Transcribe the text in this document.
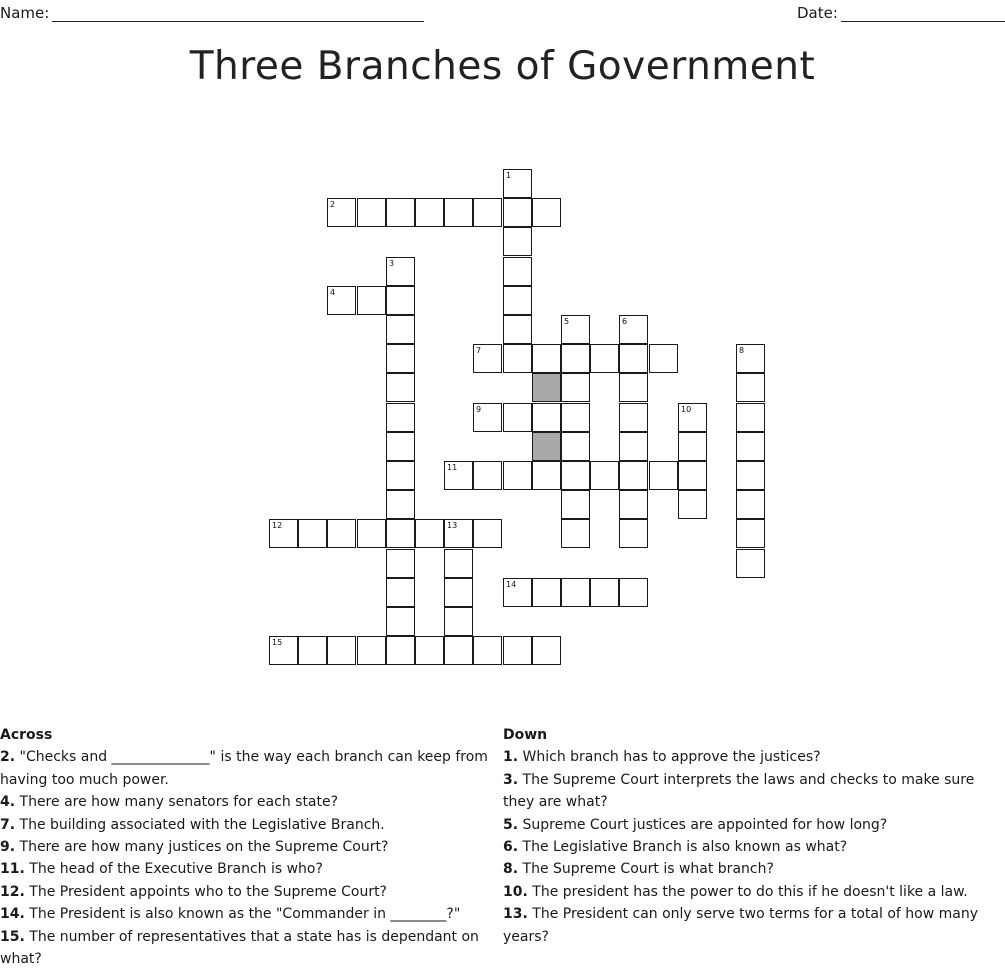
Name:	Date:
Three Branches of Government
1
2
3
4
5	6
7	8
9	10
11
12	13
14
15
Across
2. "Checks and ______________" is the way each branch can keep from having too much power.
4. There are how many senators for each state?
7. The building associated with the Legislative Branch.
9. There are how many justices on the Supreme Court?
11. The head of the Executive Branch is who?
12. The President appoints who to the Supreme Court?
14. The President is also known as the "Commander in ________?"
15. The number of representatives that a state has is dependant on what?
Down
1. Which branch has to approve the justices?
3. The Supreme Court interprets the laws and checks to make sure they are what?
5. Supreme Court justices are appointed for how long?
6. The Legislative Branch is also known as what?
8. The Supreme Court is what branch?
10. The president has the power to do this if he doesn't like a law.
13. The President can only serve two terms for a total of how many years?
